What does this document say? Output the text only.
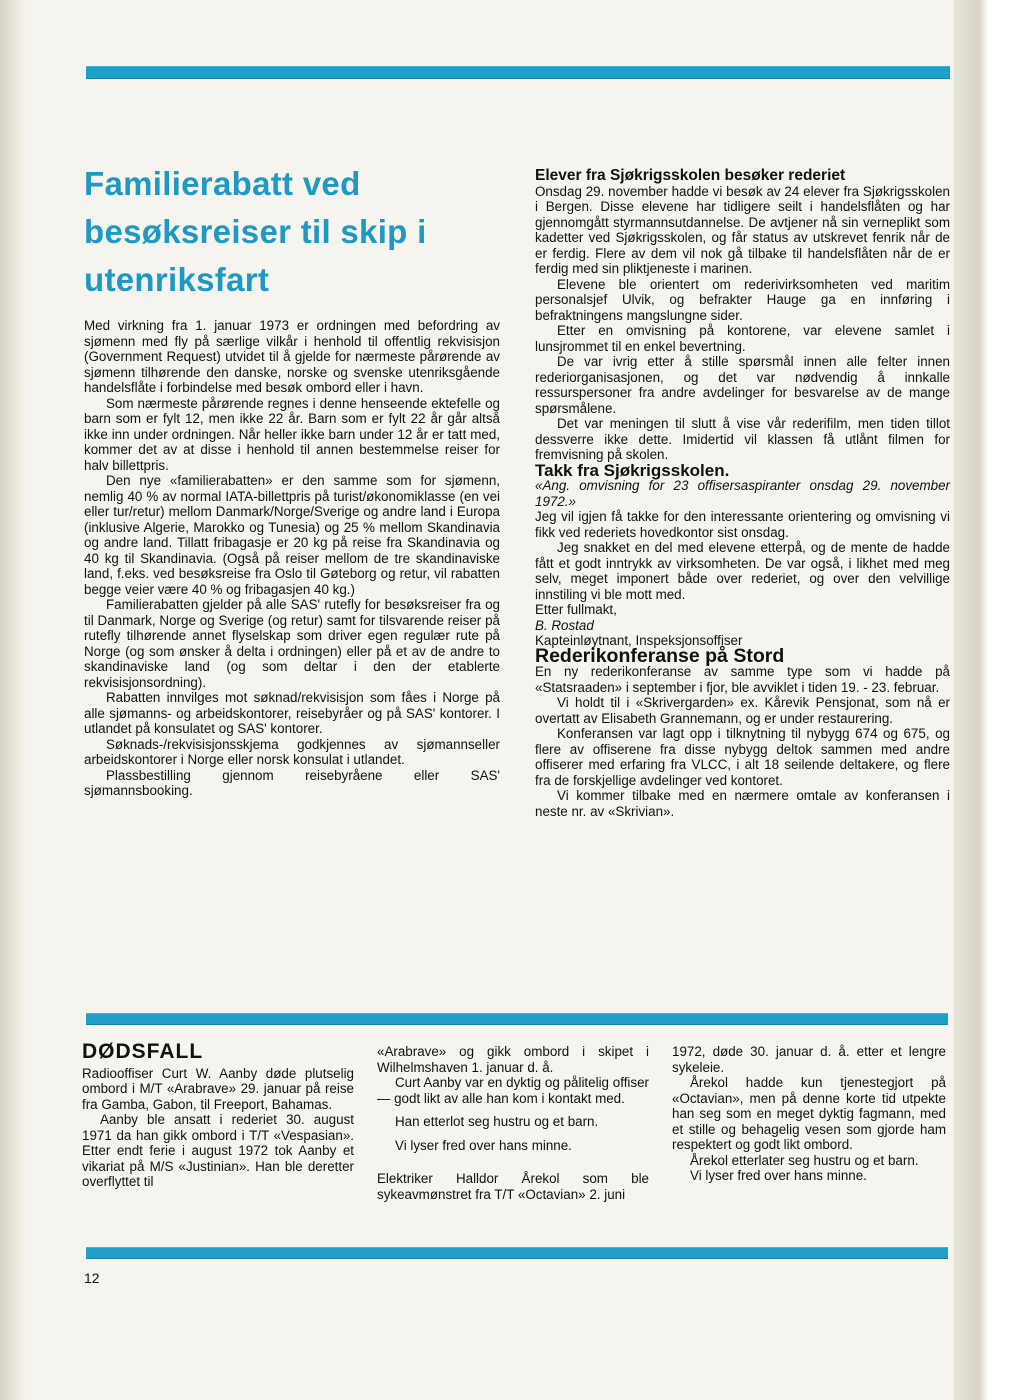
Familierabatt ved besøksreiser til skip i utenriksfart

Med virkning fra 1. januar 1973 er ordningen med befordring av sjømenn med fly på særlige vilkår i henhold til offentlig rekvisisjon (Government Request) utvidet til å gjelde for nærmeste pårørende av sjømenn tilhørende den danske, norske og svenske utenriksgående handelsflåte i forbindelse med besøk ombord eller i havn.

Som nærmeste pårørende regnes i denne henseende ektefelle og barn som er fylt 12, men ikke 22 år. Barn som er fylt 22 år går altså ikke inn under ordningen. Når heller ikke barn under 12 år er tatt med, kommer det av at disse i henhold til annen bestemmelse reiser for halv billettpris.

Den nye «familierabatten» er den samme som for sjømenn, nemlig 40 % av normal IATA-billettpris på turist/økonomiklasse (en vei eller tur/retur) mellom Danmark/Norge/Sverige og andre land i Europa (inklusive Algerie, Marokko og Tunesia) og 25 % mellom Skandinavia og andre land. Tillatt fribagasje er 20 kg på reise fra Skandinavia og 40 kg til Skandinavia. (Også på reiser mellom de tre skandinaviske land, f.eks. ved besøksreise fra Oslo til Gøteborg og retur, vil rabatten begge veier være 40 % og fribagasjen 40 kg.)

Familierabatten gjelder på alle SAS' rutefly for besøksreiser fra og til Danmark, Norge og Sverige (og retur) samt for tilsvarende reiser på rutefly tilhørende annet flyselskap som driver egen regulær rute på Norge (og som ønsker å delta i ordningen) eller på et av de andre to skandinaviske land (og som deltar i den der etablerte rekvisisjonsordning).

Rabatten innvilges mot søknad/rekvisisjon som fåes i Norge på alle sjømanns- og arbeidskontorer, reisebyråer og på SAS' kontorer. I utlandet på konsulatet og SAS' kontorer.

Søknads-/rekvisisjonsskjema godkjennes av sjømannseller arbeidskontorer i Norge eller norsk konsulat i utlandet.

Plassbestilling gjennom reisebyråene eller SAS' sjømannsbooking.

Elever fra Sjøkrigsskolen besøker rederiet

Onsdag 29. november hadde vi besøk av 24 elever fra Sjøkrigsskolen i Bergen. Disse elevene har tidligere seilt i handelsflåten og har gjennomgått styrmannsutdannelse. De avtjener nå sin verneplikt som kadetter ved Sjøkrigsskolen, og får status av utskrevet fenrik når de er ferdig. Flere av dem vil nok gå tilbake til handelsflåten når de er ferdig med sin pliktjeneste i marinen.

Elevene ble orientert om rederivirksomheten ved maritim personalsjef Ulvik, og befrakter Hauge ga en innføring i befraktningens mangslungne sider.

Etter en omvisning på kontorene, var elevene samlet i lunsjrommet til en enkel bevertning.

De var ivrig etter å stille spørsmål innen alle felter innen rederiorganisasjonen, og det var nødvendig å innkalle ressurspersoner fra andre avdelinger for besvarelse av de mange spørsmålene.

Det var meningen til slutt å vise vår rederifilm, men tiden tillot dessverre ikke dette. Imidertid vil klassen få utlånt filmen for fremvisning på skolen.

Takk fra Sjøkrigsskolen.

«Ang. omvisning for 23 offisersaspiranter onsdag 29. november 1972.»

Jeg vil igjen få takke for den interessante orientering og omvisning vi fikk ved rederiets hovedkontor sist onsdag.

Jeg snakket en del med elevene etterpå, og de mente de hadde fått et godt inntrykk av virksomheten. De var også, i likhet med meg selv, meget imponert både over rederiet, og over den velvillige innstiling vi ble mott med.

Etter fullmakt,

B. Rostad

Kapteinløytnant, Inspeksjonsoffiser

Rederikonferanse på Stord

En ny rederikonferanse av samme type som vi hadde på «Statsraaden» i september i fjor, ble avviklet i tiden 19. - 23. februar.

Vi holdt til i «Skrivergarden» ex. Kårevik Pensjonat, som nå er overtatt av Elisabeth Grannemann, og er under restaurering.

Konferansen var lagt opp i tilknytning til nybygg 674 og 675, og flere av offiserene fra disse nybygg deltok sammen med andre offiserer med erfaring fra VLCC, i alt 18 seilende deltakere, og flere fra de forskjellige avdelinger ved kontoret.

Vi kommer tilbake med en nærmere omtale av konferansen i neste nr. av «Skrivian».

DØDSFALL

Radiooffiser Curt W. Aanby døde plutselig ombord i M/T «Arabrave» 29. januar på reise fra Gamba, Gabon, til Freeport, Bahamas.

Aanby ble ansatt i rederiet 30. august 1971 da han gikk ombord i T/T «Vespasian». Etter endt ferie i august 1972 tok Aanby et vikariat på M/S «Justinian». Han ble deretter overflyttet til

«Arabrave» og gikk ombord i skipet i Wilhelmshaven 1. januar d. å.

Curt Aanby var en dyktig og pålitelig offiser — godt likt av alle han kom i kontakt med.

Han etterlot seg hustru og et barn.

Vi lyser fred over hans minne.

Elektriker Halldor Årekol som ble sykeavmønstret fra T/T «Octavian» 2. juni

1972, døde 30. januar d. å. etter et lengre sykeleie.

Årekol hadde kun tjenestegjort på «Octavian», men på denne korte tid utpekte han seg som en meget dyktig fagmann, med et stille og behagelig vesen som gjorde ham respektert og godt likt ombord.

Årekol etterlater seg hustru og et barn.

Vi lyser fred over hans minne.

12
